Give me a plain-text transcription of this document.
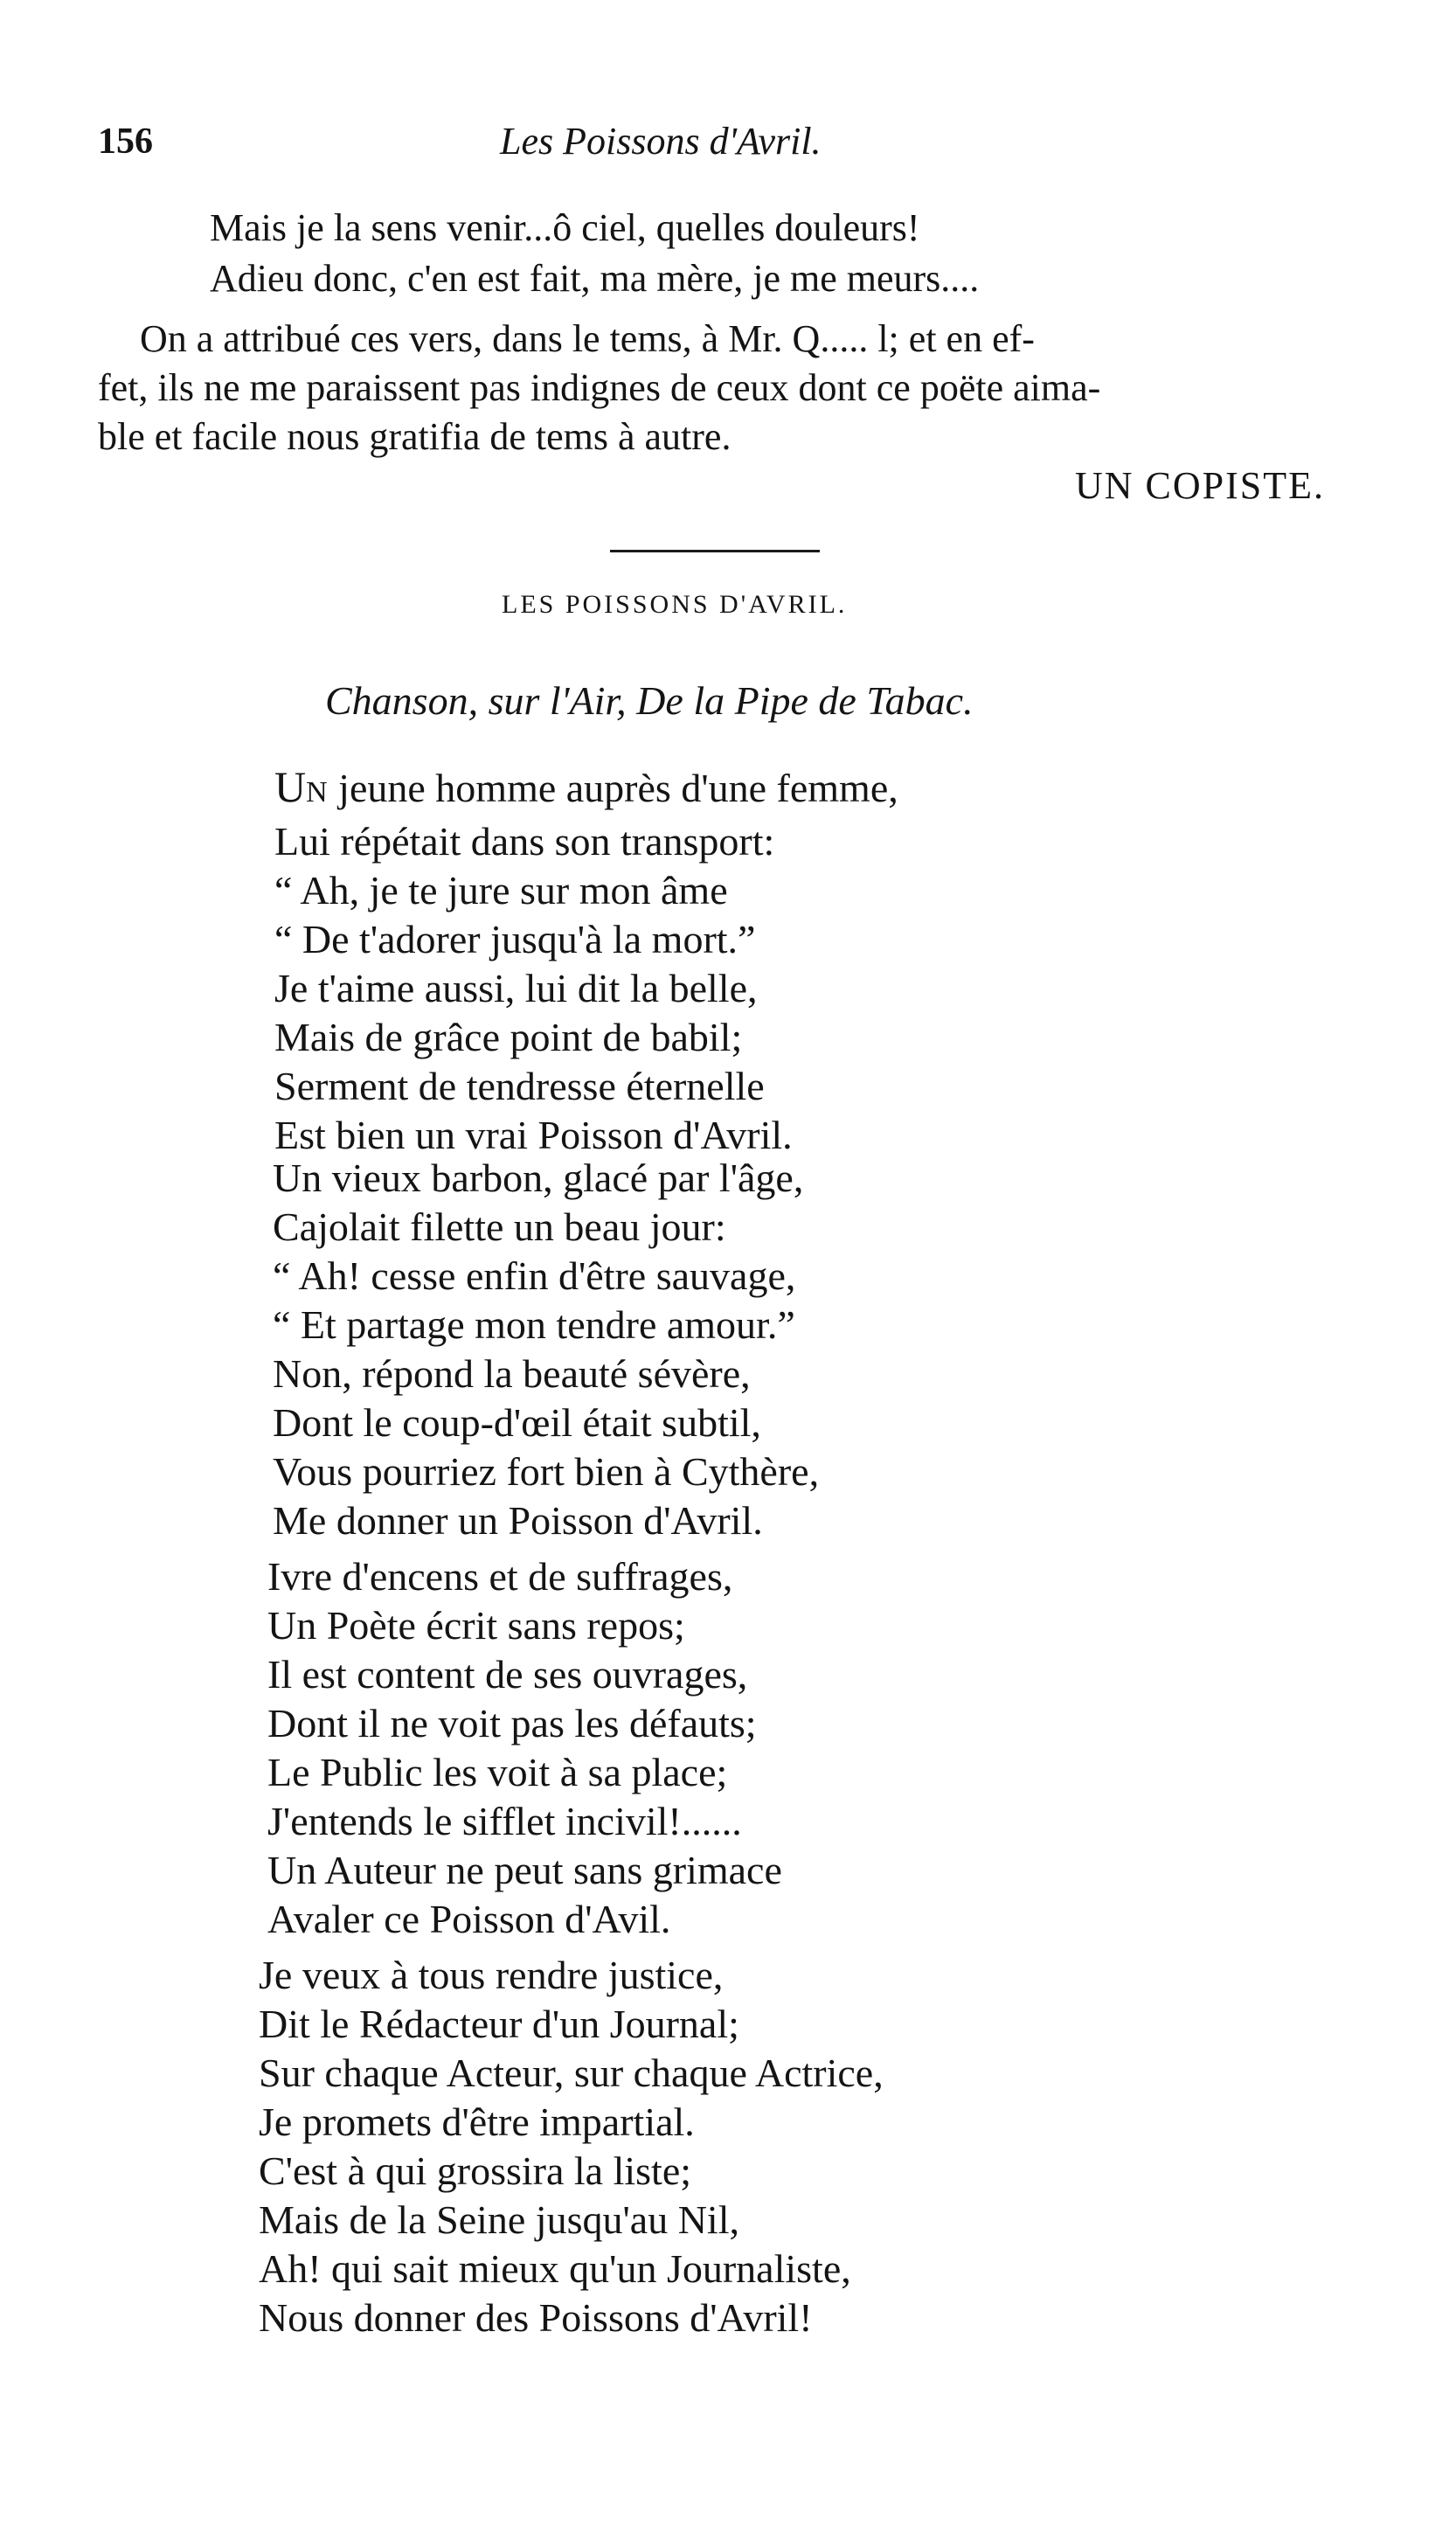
156	Les Poissons d'Avril.
Mais je la sens venir...ô ciel, quelles douleurs!
Adieu donc, c'en est fait, ma mère, je me meurs....
On a attribué ces vers, dans le tems, à Mr. Q..... l; et en ef-
fet, ils ne me paraissent pas indignes de ceux dont ce poëte aima-
ble et facile nous gratifia de tems à autre.
UN COPISTE.
LES POISSONS D'AVRIL.
Chanson, sur l'Air, De la Pipe de Tabac.
UN jeune homme auprès d'une femme,
Lui répétait dans son transport:
“ Ah, je te jure sur mon âme
“ De t'adorer jusqu'à la mort.”
Je t'aime aussi, lui dit la belle,
Mais de grâce point de babil;
Serment de tendresse éternelle
Est bien un vrai Poisson d'Avril.
Un vieux barbon, glacé par l'âge,
Cajolait filette un beau jour:
“ Ah! cesse enfin d'être sauvage,
“ Et partage mon tendre amour.”
Non, répond la beauté sévère,
Dont le coup-d'œil était subtil,
Vous pourriez fort bien à Cythère,
Me donner un Poisson d'Avril.
Ivre d'encens et de suffrages,
Un Poète écrit sans repos;
Il est content de ses ouvrages,
Dont il ne voit pas les défauts;
Le Public les voit à sa place;
J'entends le sifflet incivil!......
Un Auteur ne peut sans grimace
Avaler ce Poisson d'Avil.
Je veux à tous rendre justice,
Dit le Rédacteur d'un Journal;
Sur chaque Acteur, sur chaque Actrice,
Je promets d'être impartial.
C'est à qui grossira la liste;
Mais de la Seine jusqu'au Nil,
Ah! qui sait mieux qu'un Journaliste,
Nous donner des Poissons d'Avril!
